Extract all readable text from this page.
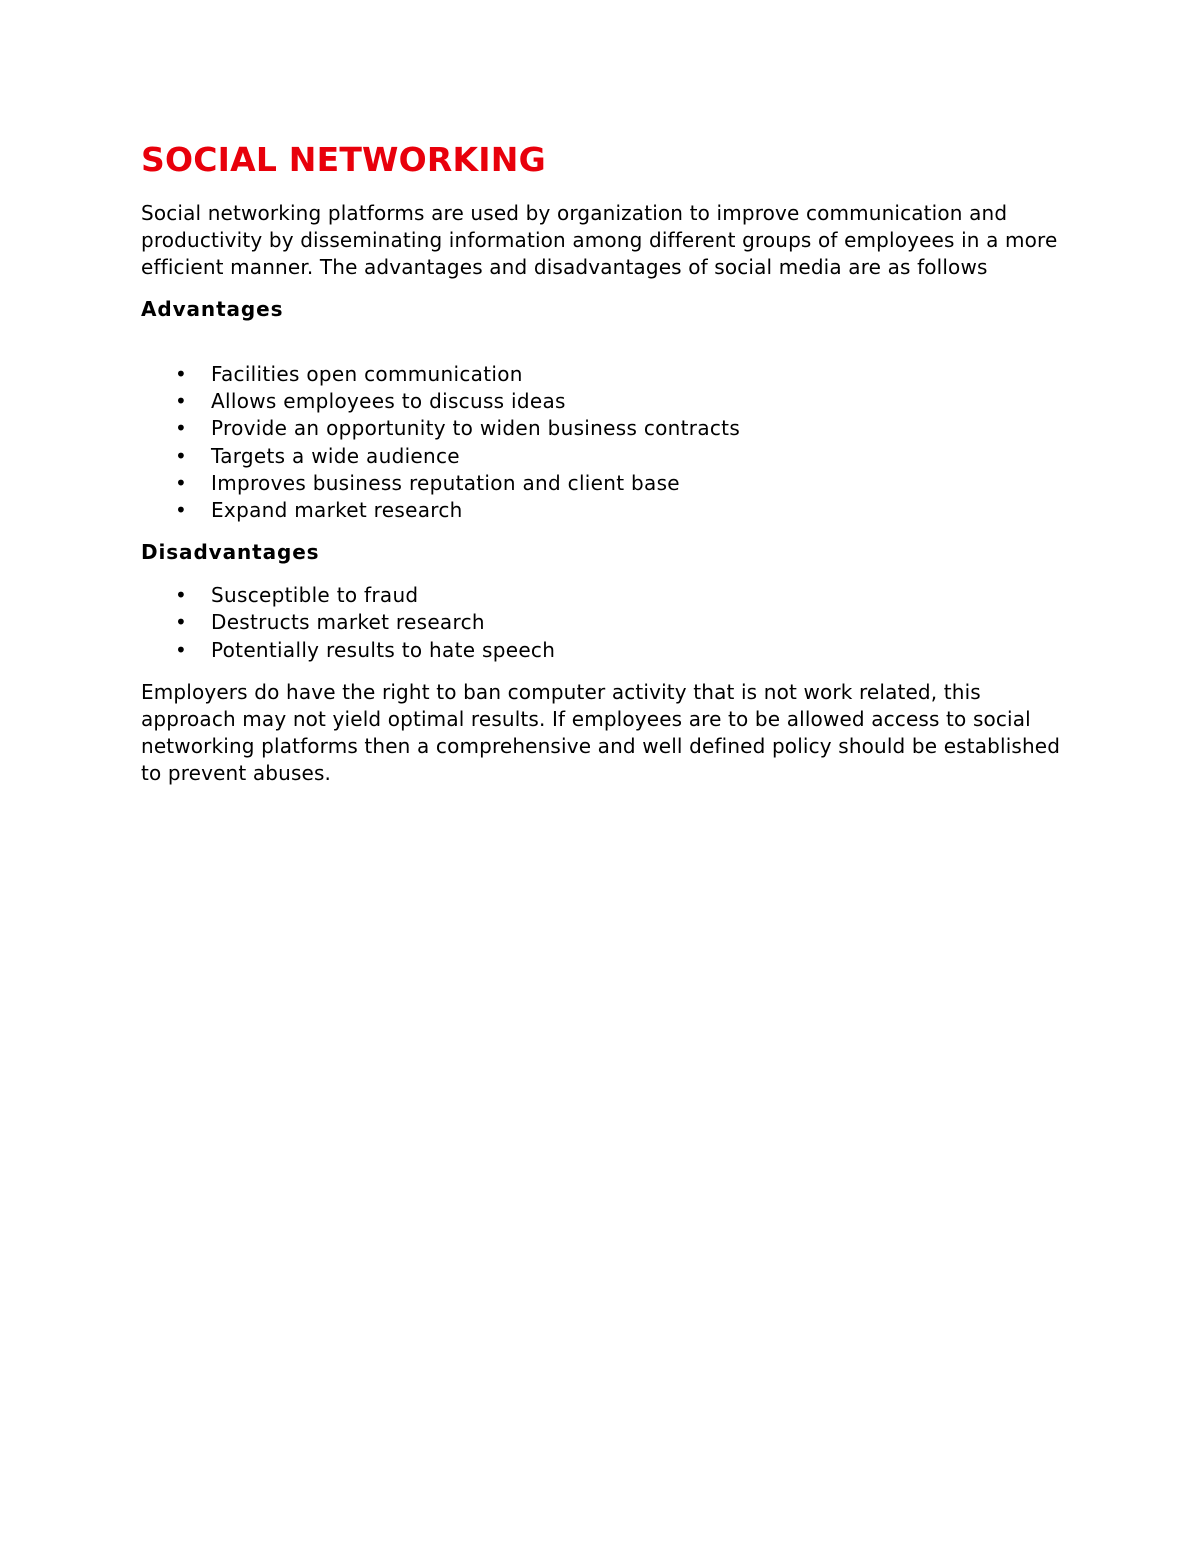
SOCIAL NETWORKING

Social networking platforms are used by organization to improve communication and productivity by disseminating information among different groups of employees in a more efficient manner. The advantages and disadvantages of social media are as follows

Advantages
• Facilities open communication
• Allows employees to discuss ideas
• Provide an opportunity to widen business contracts
• Targets a wide audience
• Improves business reputation and client base
• Expand market research
Disadvantages
• Susceptible to fraud
• Destructs market research
• Potentially results to hate speech

Employers do have the right to ban computer activity that is not work related, this approach may not yield optimal results. If employees are to be allowed access to social networking platforms then a comprehensive and well defined policy should be established to prevent abuses.
